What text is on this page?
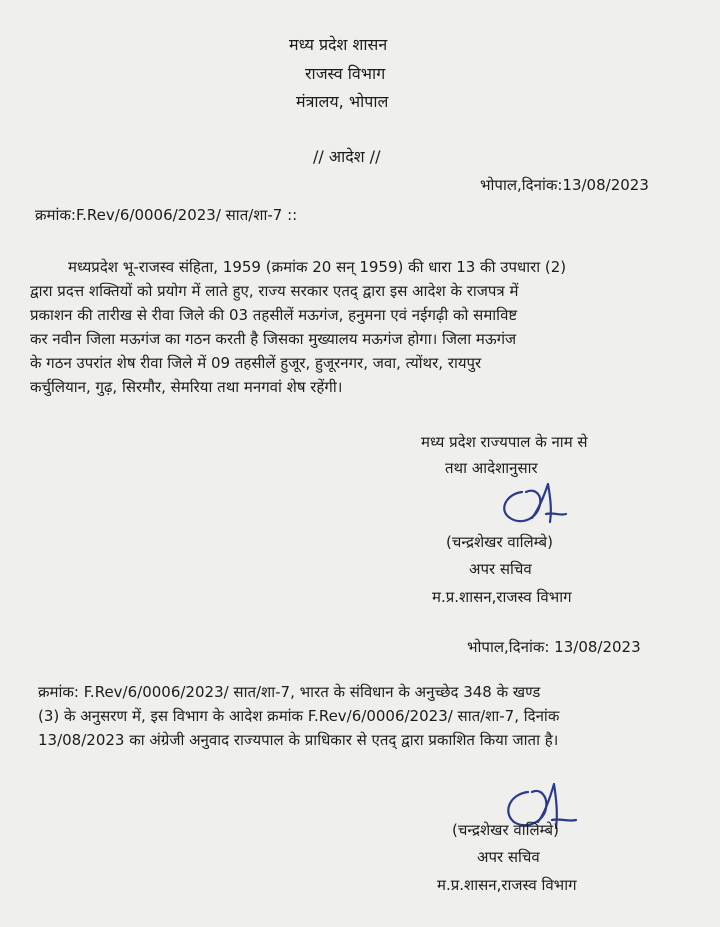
मध्य प्रदेश शासन
राजस्व विभाग
मंत्रालय, भोपाल
// आदेश //
भोपाल,दिनांक:13/08/2023
क्रमांक:F.Rev/6/0006/2023/ सात/शा-7 ::
मध्यप्रदेश भू-राजस्व संहिता, 1959 (क्रमांक 20 सन् 1959) की धारा 13 की उपधारा (2)
द्वारा प्रदत्त शक्तियों को प्रयोग में लाते हुए, राज्य सरकार एतद् द्वारा इस आदेश के राजपत्र में
प्रकाशन की तारीख से रीवा जिले की 03 तहसीलें मऊगंज, हनुमना एवं नईगढ़ी को समाविष्ट
कर नवीन जिला मऊगंज का गठन करती है जिसका मुख्यालय मऊगंज होगा। जिला मऊगंज
के गठन उपरांत शेष रीवा जिले में 09 तहसीलें हुजूर, हुजूरनगर, जवा, त्योंथर, रायपुर
कर्चुलियान, गुढ़, सिरमौर, सेमरिया तथा मनगवां शेष रहेंगी।
मध्य प्रदेश राज्यपाल के नाम से
तथा आदेशानुसार
(चन्द्रशेखर वालिम्बे)
अपर सचिव
म.प्र.शासन,राजस्व विभाग
भोपाल,दिनांक: 13/08/2023
क्रमांक: F.Rev/6/0006/2023/ सात/शा-7, भारत के संविधान के अनुच्छेद 348 के खण्ड
(3) के अनुसरण में, इस विभाग के आदेश क्रमांक F.Rev/6/0006/2023/ सात/शा-7, दिनांक
13/08/2023 का अंग्रेजी अनुवाद राज्यपाल के प्राधिकार से एतद् द्वारा प्रकाशित किया जाता है।
(चन्द्रशेखर वालिम्बे)
अपर सचिव
म.प्र.शासन,राजस्व विभाग
